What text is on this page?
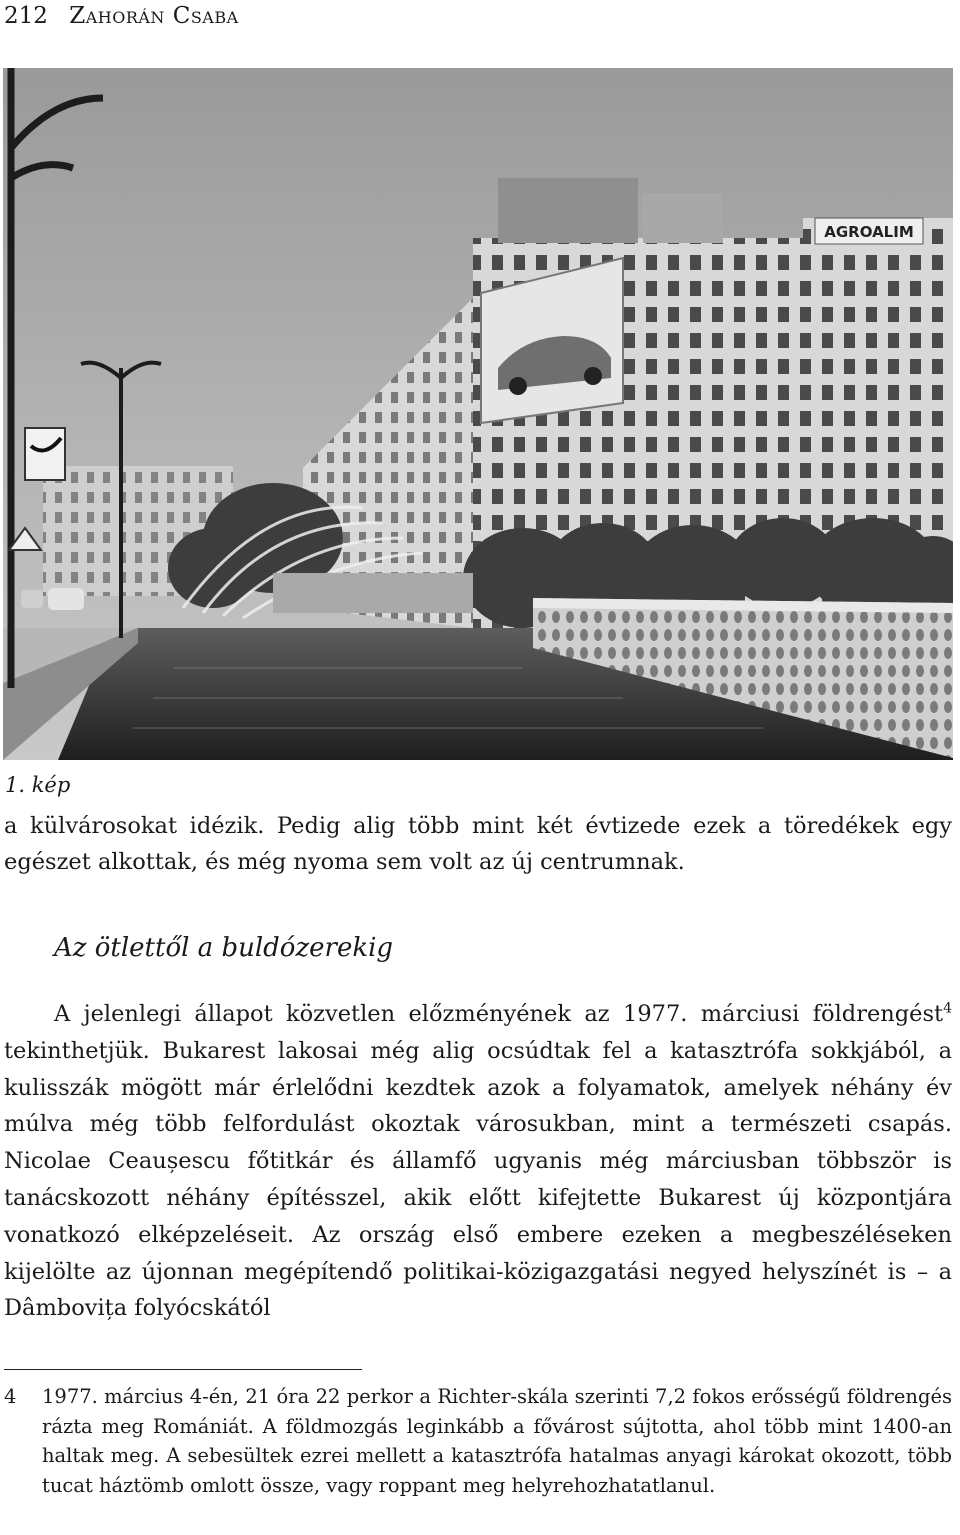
212 Zahorán Csaba
AGROALIM
1. kép
a külvárosokat idézik. Pedig alig több mint két évtizede ezek a töredékek egy egészet alkottak, és még nyoma sem volt az új centrumnak.
Az ötlettől a buldózerekig
A jelenlegi állapot közvetlen előzményének az 1977. márciusi földrengést$^4$ tekinthetjük. Bukarest lakosai még alig ocsúdtak fel a katasztrófa sokkjából, a kulisszák mögött már érlelődni kezdtek azok a folyamatok, amelyek néhány év múlva még több felfordulást okoztak városukban, mint a természeti csapás. Nicolae Ceaușescu főtitkár és államfő ugyanis még márciusban többször is tanácskozott néhány építésszel, akik előtt kifejtette Bukarest új központjára vonatkozó elképzeléseit. Az ország első embere ezeken a megbeszéléseken kijelölte az újonnan megépítendő politikai-közigazgatási negyed helyszínét is – a Dâmbovița folyócskától
4 1977. március 4-én, 21 óra 22 perkor a Richter-skála szerinti 7,2 fokos erősségű földrengés rázta meg Romániát. A földmozgás leginkább a fővárost sújtotta, ahol több mint 1400-an haltak meg. A sebesültek ezrei mellett a katasztrófa hatalmas anyagi károkat okozott, több tucat háztömb omlott össze, vagy roppant meg helyrehozhatatlanul.
